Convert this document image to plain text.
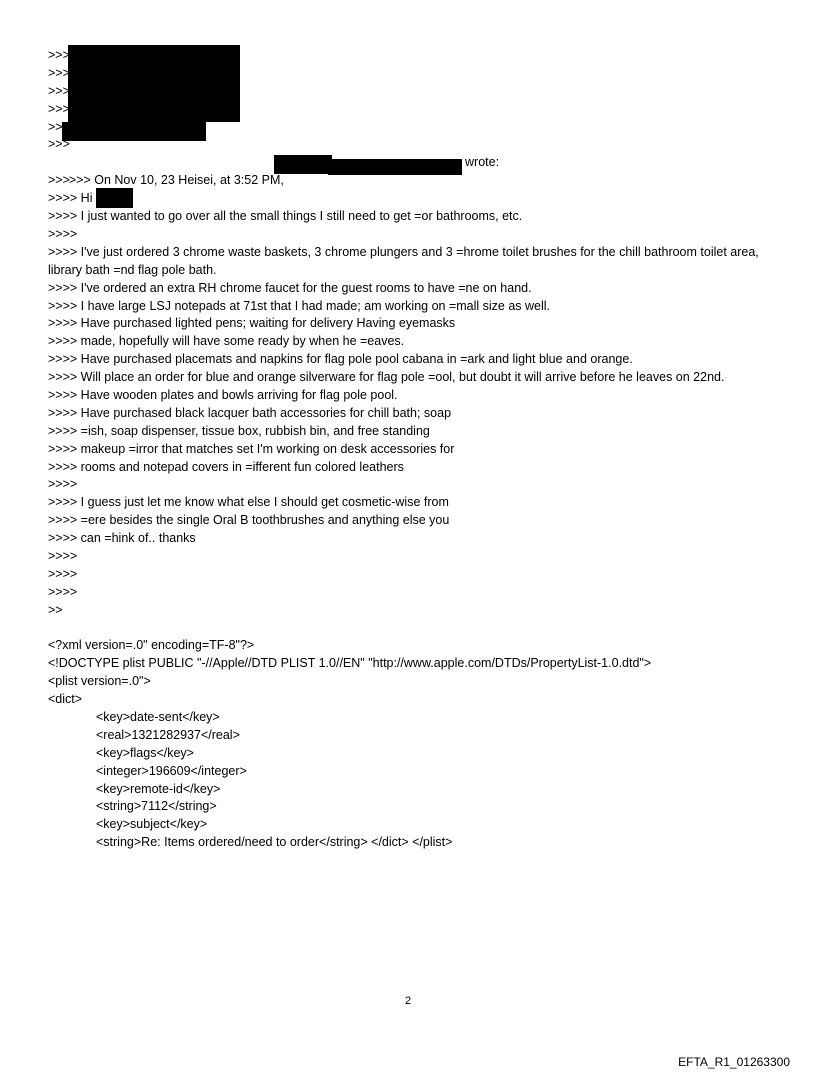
>>>
>>>
>>>
>>>
>>
>>>

>>> On Nov 10, 23 Heisei, at 3:52 PM,

wrote:

>>>
>>>> Hi
>>>> I just wanted to go over all the small things I still need to get =or bathrooms, etc.
>>>>
>>>> I've just ordered 3 chrome waste baskets, 3 chrome plungers and 3 =hrome toilet brushes for the chill bathroom toilet area, library bath =nd flag pole bath.
>>>> I've ordered an extra RH chrome faucet for the guest rooms to have =ne on hand.
>>>> I have large LSJ notepads at 71st that I had made; am working on =mall size as well.
>>>> Have purchased lighted pens; waiting for delivery Having eyemasks
>>>> made, hopefully will have some ready by when he =eaves.
>>>> Have purchased placemats and napkins for flag pole pool cabana in =ark and light blue and orange.
>>>> Will place an order for blue and orange silverware for flag pole =ool, but doubt it will arrive before he leaves on 22nd.
>>>> Have wooden plates and bowls arriving for flag pole pool.
>>>> Have purchased black lacquer bath accessories for chill bath; soap
>>>> =ish, soap dispenser, tissue box, rubbish bin, and free standing
>>>> makeup =irror that matches set I'm working on desk accessories for
>>>> rooms and notepad covers in =ifferent fun colored leathers
>>>>
>>>> I guess just let me know what else I should get cosmetic-wise from
>>>> =ere besides the single Oral B toothbrushes and anything else you
>>>> can =hink of.. thanks
>>>>
>>>>
>>>>
>>
<?xml version=.0" encoding=TF-8"?>
<!DOCTYPE plist PUBLIC "-//Apple//DTD PLIST 1.0//EN" "http://www.apple.com/DTDs/PropertyList-1.0.dtd">
<plist version=.0">
<dict>
<key>date-sent</key>
<real>1321282937</real>
<key>flags</key>
<integer>196609</integer>
<key>remote-id</key>
<string>7112</string>
<key>subject</key>
<string>Re: Items ordered/need to order</string> </dict> </plist>
2
EFTA_R1_01263300
